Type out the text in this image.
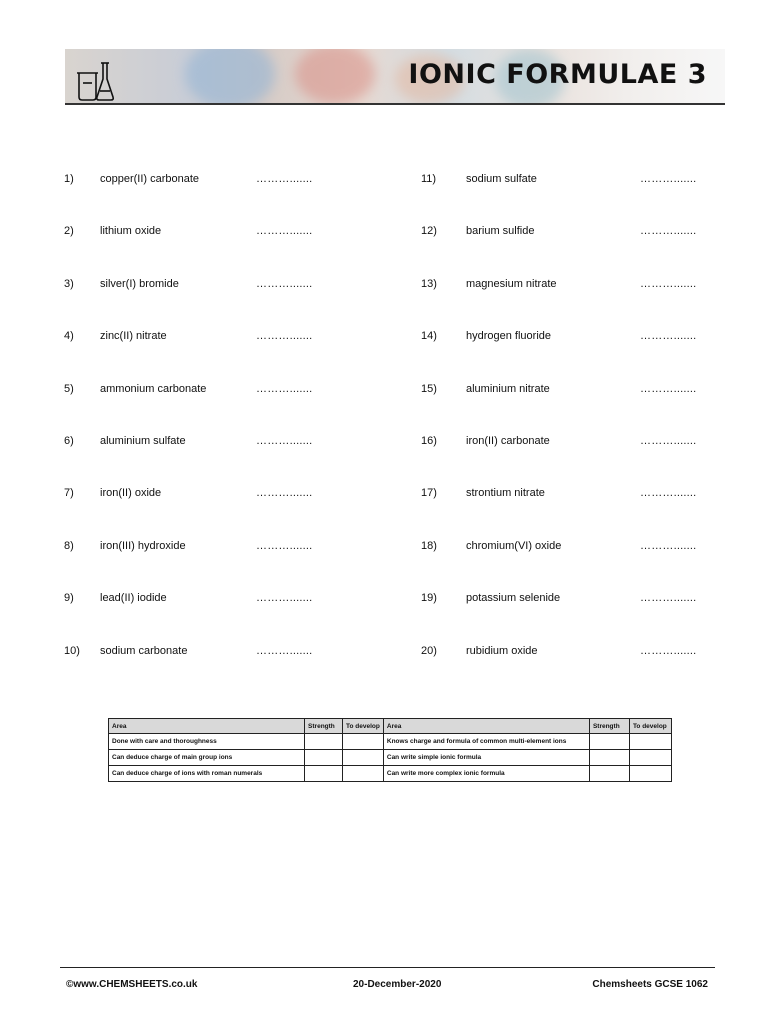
IONIC FORMULAE 3
1)	copper(II) carbonate	……….......
2)	lithium oxide	……….......
3)	silver(I) bromide	……….......
4)	zinc(II) nitrate	……….......
5)	ammonium carbonate	……….......
6)	aluminium sulfate	……….......
7)	iron(II) oxide	……….......
8)	iron(III) hydroxide	……….......
9)	lead(II) iodide	……….......
10)	sodium carbonate	……….......
11)	sodium sulfate	……….......
12)	barium sulfide	……….......
13)	magnesium nitrate	……….......
14)	hydrogen fluoride	……….......
15)	aluminium nitrate	……….......
16)	iron(II) carbonate	……….......
17)	strontium nitrate	……….......
18)	chromium(VI) oxide	……….......
19)	potassium selenide	……….......
20)	rubidium oxide	……….......
Area	Strength	To develop	Area	Strength	To develop
Done with care and thoroughness			Knows charge and formula of common multi-element ions		
Can deduce charge of main group ions			Can write simple ionic formula		
Can deduce charge of ions with roman numerals			Can write more complex ionic formula		
©www.CHEMSHEETS.co.uk	20-December-2020	Chemsheets GCSE 1062
